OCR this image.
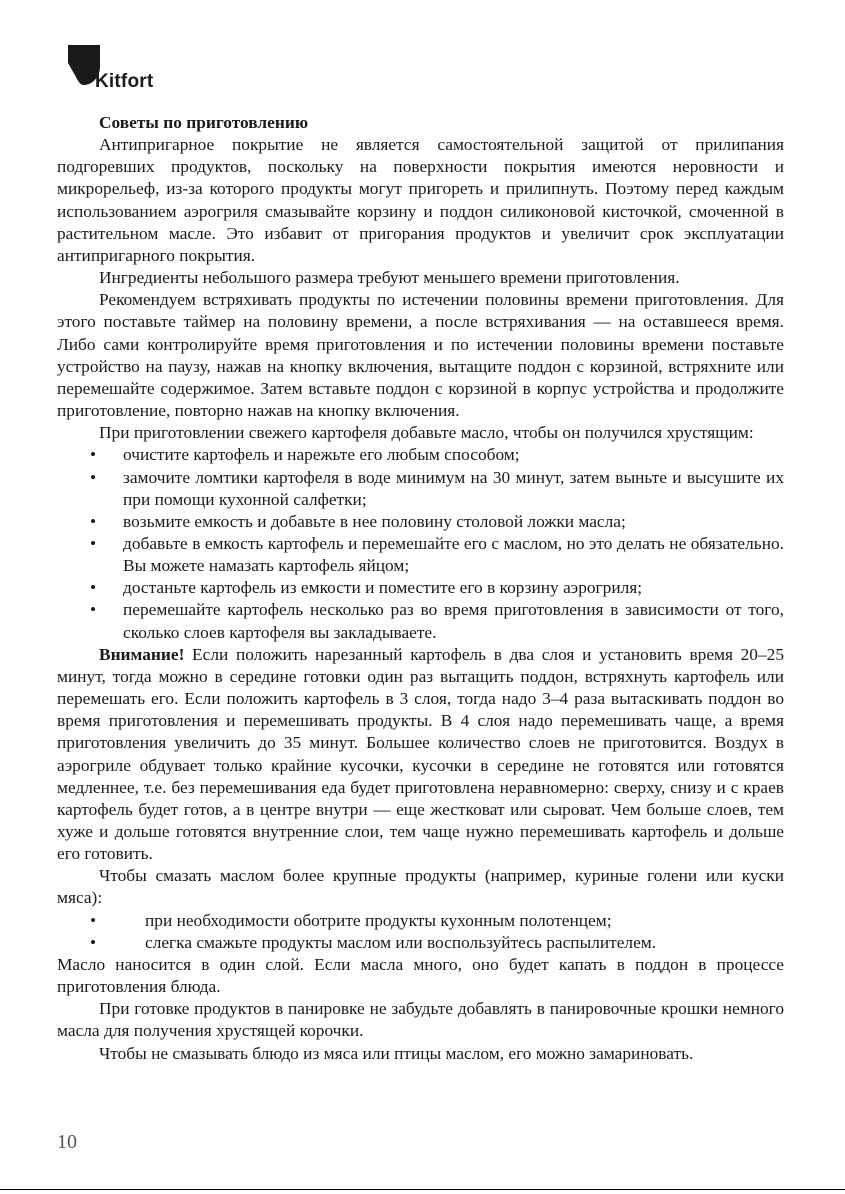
Kitfort
Советы по приготовлению

Антипригарное покрытие не является самостоятельной защитой от прилипания подгоревших продуктов, поскольку на поверхности покрытия имеются неровности и микрорельеф, из-за которого продукты могут пригореть и прилипнуть. Поэтому перед каждым использованием аэрогриля смазывайте корзину и поддон силиконовой кисточкой, смоченной в растительном масле. Это избавит от пригорания продуктов и увеличит срок эксплуатации антипригарного покрытия.

Ингредиенты небольшого размера требуют меньшего времени приготовления.

Рекомендуем встряхивать продукты по истечении половины времени приготовления. Для этого поставьте таймер на половину времени, а после встряхивания — на оставшееся время. Либо сами контролируйте время приготовления и по истечении половины времени поставьте устройство на паузу, нажав на кнопку включения, вытащите поддон с корзиной, встряхните или перемешайте содержимое. Затем вставьте поддон с корзиной в корпус устройства и продолжите приготовление, повторно нажав на кнопку включения.

При приготовлении свежего картофеля добавьте масло, чтобы он получился хрустящим:

• очистите картофель и нарежьте его любым способом;
• замочите ломтики картофеля в воде минимум на 30 минут, затем выньте и высушите их при помощи кухонной салфетки;
• возьмите емкость и добавьте в нее половину столовой ложки масла;
• добавьте в емкость картофель и перемешайте его с маслом, но это делать не обязательно. Вы можете намазать картофель яйцом;
• достаньте картофель из емкости и поместите его в корзину аэрогриля;
• перемешайте картофель несколько раз во время приготовления в зависимости от того, сколько слоев картофеля вы закладываете.

Внимание! Если положить нарезанный картофель в два слоя и установить время 20–25 минут, тогда можно в середине готовки один раз вытащить поддон, встряхнуть картофель или перемешать его. Если положить картофель в 3 слоя, тогда надо 3–4 раза вытаскивать поддон во время приготовления и перемешивать продукты. В 4 слоя надо перемешивать чаще, а время приготовления увеличить до 35 минут. Большее количество слоев не приготовится. Воздух в аэрогриле обдувает только крайние кусочки, кусочки в середине не готовятся или готовятся медленнее, т.е. без перемешивания еда будет приготовлена неравномерно: сверху, снизу и с краев картофель будет готов, а в центре внутри — еще жестковат или сыроват. Чем больше слоев, тем хуже и дольше готовятся внутренние слои, тем чаще нужно перемешивать картофель и дольше его готовить.

Чтобы смазать маслом более крупные продукты (например, куриные голени или куски мяса):

• при необходимости оботрите продукты кухонным полотенцем;
• слегка смажьте продукты маслом или воспользуйтесь распылителем.

Масло наносится в один слой. Если масла много, оно будет капать в поддон в процессе приготовления блюда.

При готовке продуктов в панировке не забудьте добавлять в панировочные крошки немного масла для получения хрустящей корочки.

Чтобы не смазывать блюдо из мяса или птицы маслом, его можно замариновать.

10
